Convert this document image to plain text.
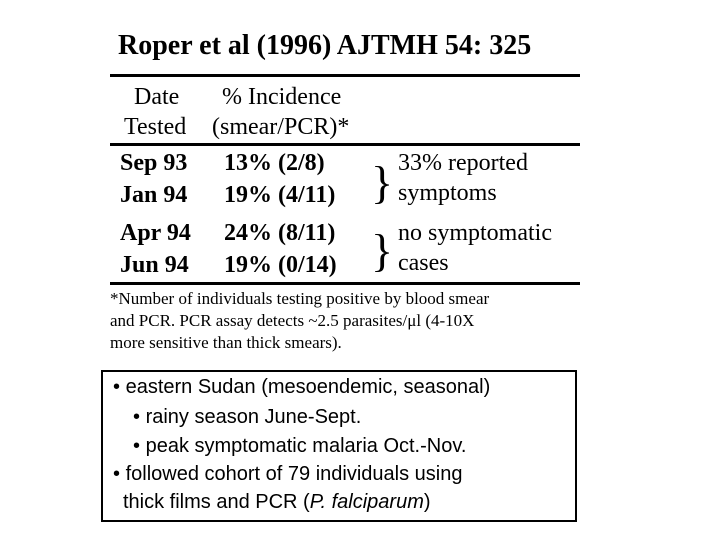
Roper et al (1996) AJTMH 54: 325
Date
Tested
% Incidence
(smear/PCR)*
Sep 93 13% (2/8)
Jan 94 19% (4/11)
Apr 94 24% (8/11)
Jun 94 19% (0/14)
}
}
33% reported
symptoms
no symptomatic
cases
*Number of individuals testing positive by blood smear
and PCR. PCR assay detects ~2.5 parasites/μl (4-10X
more sensitive than thick smears).
• eastern Sudan (mesoendemic, seasonal)
• rainy season June-Sept.
• peak symptomatic malaria Oct.-Nov.
• followed cohort of 79 individuals using
thick films and PCR (P. falciparum)
